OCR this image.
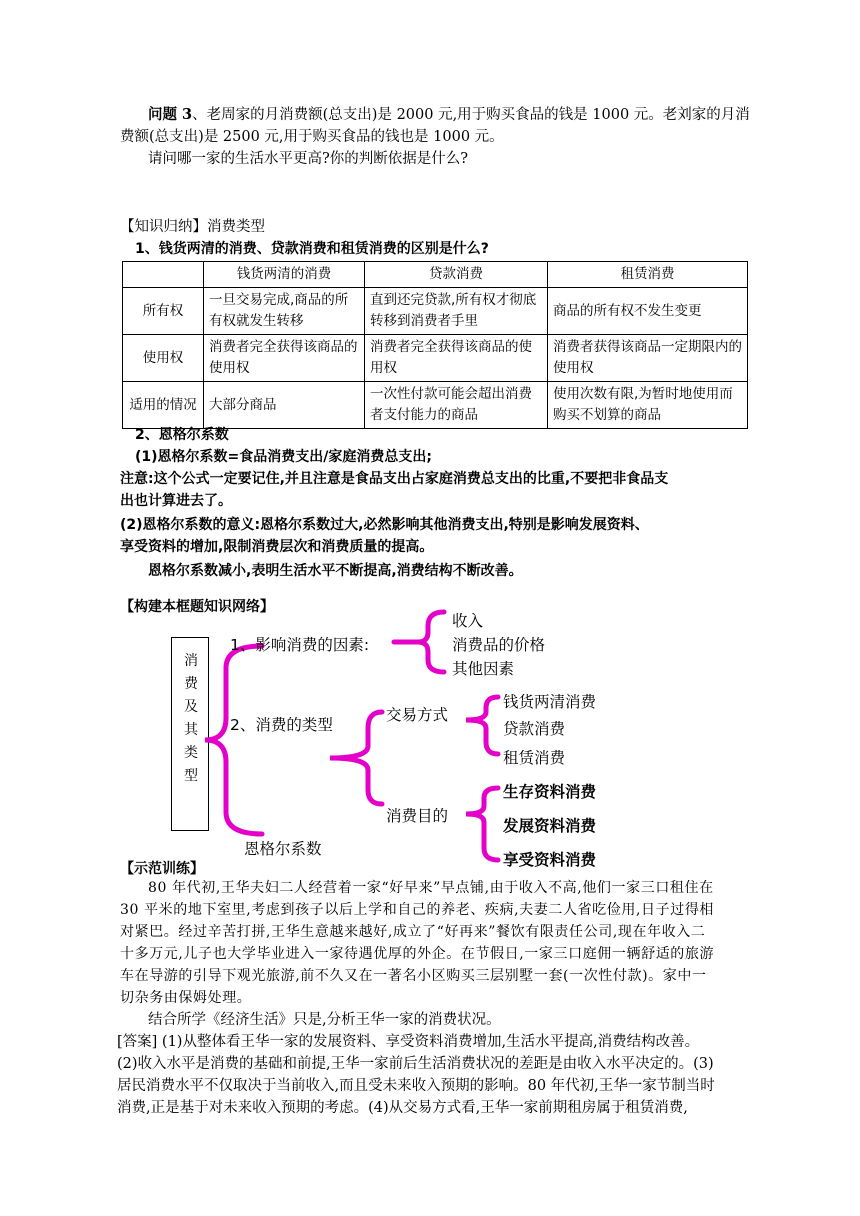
问题 3、老周家的月消费额(总支出)是 2000 元,用于购买食品的钱是 1000 元。老刘家的月消
费额(总支出)是 2500 元,用于购买食品的钱也是 1000 元。
请问哪一家的生活水平更高?你的判断依据是什么?
【知识归纳】消费类型
1、钱货两清的消费、贷款消费和租赁消费的区别是什么?
	钱货两清的消费	贷款消费	租赁消费
所有权	一旦交易完成,商品的所有权就发生转移	直到还完贷款,所有权才彻底转移到消费者手里	商品的所有权不发生变更
使用权	消费者完全获得该商品的使用权	消费者完全获得该商品的使用权	消费者获得该商品一定期限内的使用权
适用的情况	大部分商品	一次性付款可能会超出消费者支付能力的商品	使用次数有限,为暂时地使用而购买不划算的商品
2、恩格尔系数
(1)恩格尔系数=食品消费支出/家庭消费总支出;
注意:这个公式一定要记住,并且注意是食品支出占家庭消费总支出的比重,不要把非食品支
出也计算进去了。
(2)恩格尔系数的意义:恩格尔系数过大,必然影响其他消费支出,特别是影响发展资料、
享受资料的增加,限制消费层次和消费质量的提高。
恩格尔系数减小,表明生活水平不断提高,消费结构不断改善。
【构建本框题知识网络】
消
费
及
其
类
型
1、影响消费的因素:
收入
消费品的价格
其他因素
2、消费的类型
交易方式
钱货两清消费
贷款消费
租赁消费
消费目的
生存资料消费
发展资料消费
享受资料消费
恩格尔系数
【示范训练】
80 年代初,王华夫妇二人经营着一家“好早来”早点铺,由于收入不高,他们一家三口租住在
30 平米的地下室里,考虑到孩子以后上学和自己的养老、疾病,夫妻二人省吃俭用,日子过得相
对紧巴。经过辛苦打拼,王华生意越来越好,成立了“好再来”餐饮有限责任公司,现在年收入二
十多万元,儿子也大学毕业进入一家待遇优厚的外企。在节假日,一家三口庭佣一辆舒适的旅游
车在导游的引导下观光旅游,前不久又在一著名小区购买三层别墅一套(一次性付款)。家中一
切杂务由保姆处理。
结合所学《经济生活》只是,分析王华一家的消费状况。
[答案] (1)从整体看王华一家的发展资料、享受资料消费增加,生活水平提高,消费结构改善。
(2)收入水平是消费的基础和前提,王华一家前后生活消费状况的差距是由收入水平决定的。(3)
居民消费水平不仅取决于当前收入,而且受未来收入预期的影响。80 年代初,王华一家节制当时
消费,正是基于对未来收入预期的考虑。(4)从交易方式看,王华一家前期租房属于租赁消费,
